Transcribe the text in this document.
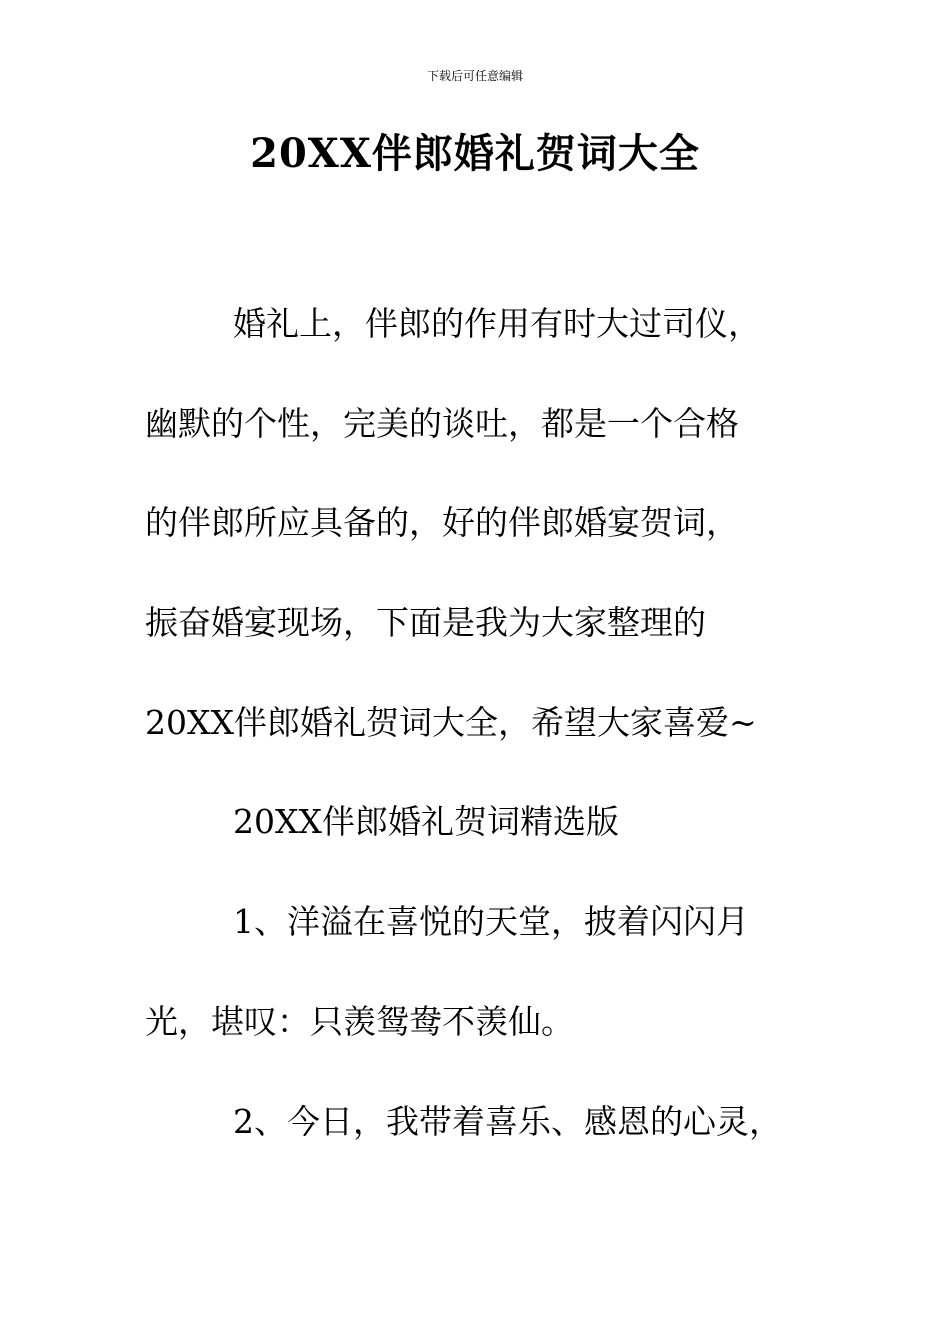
下载后可任意编辑
20XX伴郎婚礼贺词大全
婚礼上，伴郎的作用有时大过司仪，
幽默的个性，完美的谈吐，都是一个合格
的伴郎所应具备的，好的伴郎婚宴贺词，
振奋婚宴现场，下面是我为大家整理的
20XX伴郎婚礼贺词大全，希望大家喜爱~
20XX伴郎婚礼贺词精选版
1、洋溢在喜悦的天堂，披着闪闪月
光，堪叹：只羡鸳鸯不羡仙。
2、今日，我带着喜乐、感恩的心灵，
